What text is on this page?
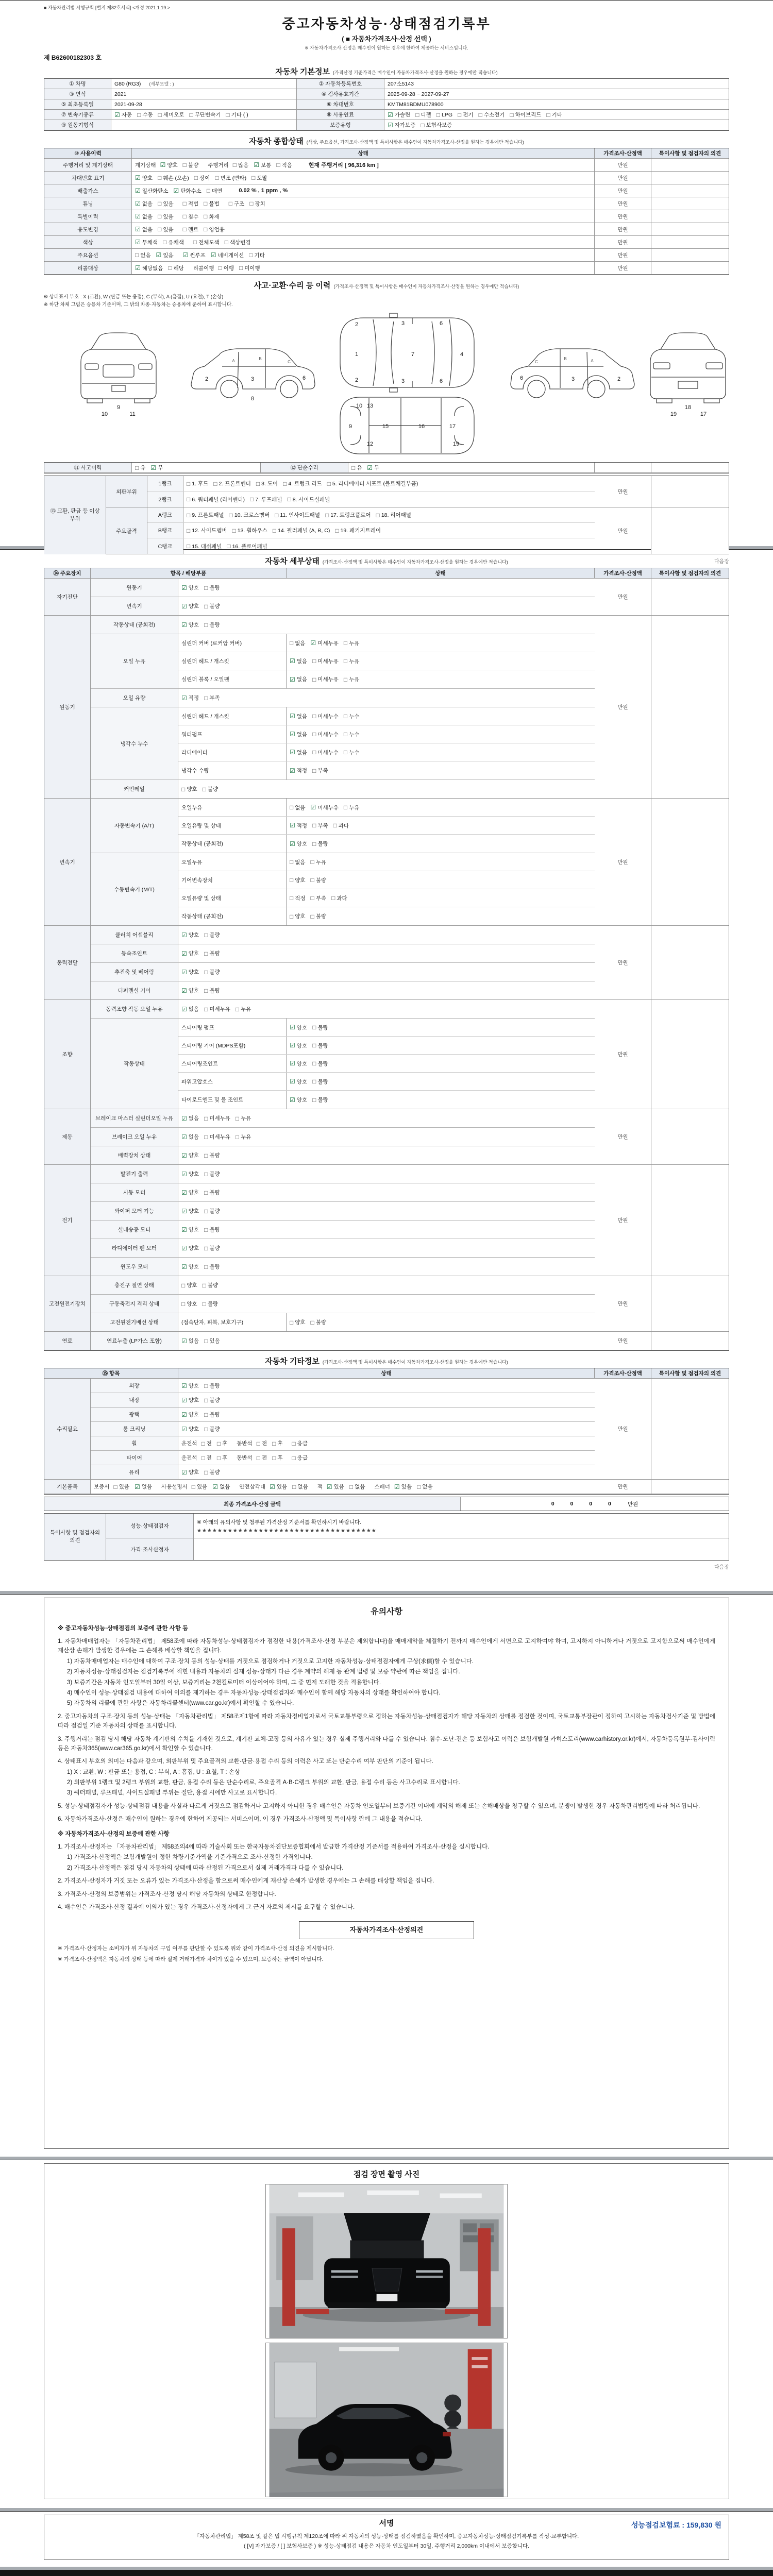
■ 자동차관리법 시행규칙 [별지 제82호서식] <개정 2021.1.19.>
중고자동차성능·상태점검기록부
( ■ 자동차가격조사·산정 선택 )
※ 자동차가격조사·산정은 매수인이 원하는 경우에 한하여 제공하는 서비스입니다.
제 B62600182303 호
자동차 기본정보 (가격산정 기준가격은 매수인이 자동차가격조사·산정을 원하는 경우에만 적습니다)
① 차명	G80 (RG3) (세부모델 : )	② 자동차등록번호	207소5143
③ 연식	2021	④ 검사유효기간	2025-09-28 ~ 2027-09-27
⑤ 최초등록일	2021-09-28	⑥ 차대번호	KMTM81BDMU078900
⑦ 변속기종류 ☑	자동 □ 수동 □ 세미오토 □ 무단변속기 □ 기타 ( )	⑧ 사용연료 ☑	가솔린 □ 디젤 □ LPG □ 전기 □ 수소전기 □ 하이브리드 □ 기타
⑨ 원동기형식	보증유형 ☑	자가보증 □ 보험사보증
자동차 종합상태 (색상, 주요옵션, 가격조사·산정액 및 특이사항은 매수인이 자동차가격조사·산정을 원하는 경우에만 적습니다)
⑩ 사용이력	상태	가격조사·산정액	특이사항 및 점검자의 의견
주행거리 및 계기상태	계기상태 ☑ 양호 □ 불량 주행거리 □ 많음 ☑ 보통 □ 적음	현재 주행거리 [ 96,316 km ]	만원
차대번호 표기 ☑	양호 □ 훼손 (오손) □ 상이 □ 변조 (변타) □ 도말	만원
배출가스 ☑	일산화탄소 ☑ 탄화수소 □ 매연	0.02 % , 1 ppm , %	만원
튜닝 ☑	없음 □ 있음 □	적법 □ 불법 □	구조 □ 장치	만원
특별이력 ☑	없음 □ 있음 □	침수 □ 화재	만원
용도변경 ☑	없음 □ 있음 □	렌트 □ 영업용	만원
색상 ☑	무채색 □ 유채색 □	전체도색 □ 색상변경	만원
주요옵션 □	없음 ☑ 있음 ☑	썬루프 ☑ 네비게이션 □ 기타	만원
리콜대상 ☑	해당없음 □ 해당 리콜이행 □ 이행 □ 미이행	만원
사고·교환·수리 등 이력 (가격조사·산정액 및 특이사항은 매수인이 자동차가격조사·산정을 원하는 경우에만 적습니다)
※ 상태표시 부호 : X (교환), W (판금 또는 용접), C (부식), A (흠집), U (요철), T (손상)
※ 하단 차체 그림은 승용차 기준이며, 그 밖의 차종·자동차는 승용차에 준하여 표시합니다.
9
10	11
2	3	6
8
1	7	4
2
2
3
3
6
6	2
3
6
18
19	17
9
13
12
15	16	17
10
19
A	B
C	A
B
C
⑪ 사고이력 □	유 ☑ 무	⑫ 단순수리 □	유 ☑ 무
⑬ 교환, 판금 등 이상 부위
외판부위
1랭크 □	1. 후드 □ 2. 프론트펜더 □ 3. 도어 □ 4. 트렁크 리드 □ 5. 라디에이터 서포트 (볼트체결부품)
2랭크 □	6. 쿼터패널 (리어펜더) □ 7. 루프패널 □ 8. 사이드실패널
만원
주요골격
A랭크 □	9. 프론트패널 □ 10. 크로스멤버 □ 11. 인사이드패널 □ 17. 트렁크플로어 □ 18. 리어패널
B랭크 □	12. 사이드멤버 □ 13. 휠하우스 □ 14. 필러패널 (A, B, C) □ 19. 패키지트레이
C랭크 □	15. 대쉬패널 □ 16. 플로어패널
만원
다음장
자동차 세부상태 (가격조사·산정액 및 특이사항은 매수인이 자동차가격조사·산정을 원하는 경우에만 적습니다)
⑭ 주요장치	항목 / 해당부품	상태	가격조사·산정액	특이사항 및 점검자의 의견
자기진단
원동기 ☑	양호 □ 불량
변속기 ☑	양호 □ 불량
만원
원동기
작동상태 (공회전) ☑	양호 □ 불량
오일 누유
실린더 커버 (로커암 커버) □	없음 ☑ 미세누유 □ 누유
실린더 헤드 / 개스킷 ☑	없음 □ 미세누유 □ 누유
실린더 블록 / 오일팬 ☑	없음 □ 미세누유 □ 누유
오일 유량 ☑	적정 □ 부족
냉각수 누수
실린더 헤드 / 개스킷 ☑	없음 □ 미세누수 □ 누수
워터펌프 ☑	없음 □ 미세누수 □ 누수
라디에이터 ☑	없음 □ 미세누수 □ 누수
냉각수 수량 ☑	적정 □ 부족
커먼레일 □	양호 □ 불량
만원
변속기
자동변속기 (A/T)
오일누유 □	없음 ☑ 미세누유 □ 누유
오일유량 및 상태 ☑	적정 □ 부족 □ 과다
작동상태 (공회전) ☑	양호 □ 불량
수동변속기 (M/T)
오일누유 □	없음 □ 누유
기어변속장치 □	양호 □ 불량
오일유량 및 상태 □	적정 □ 부족 □ 과다
작동상태 (공회전) □	양호 □ 불량
만원
동력전달
클러치 어셈블리 ☑	양호 □ 불량
등속조인트 ☑	양호 □ 불량
추진축 및 베어링 ☑	양호 □ 불량
디퍼렌셜 기어 ☑	양호 □ 불량
만원
조향
동력조향 작동 오일 누유 ☑	없음 □ 미세누유 □ 누유
작동상태
스티어링 펌프 ☑	양호 □ 불량
스티어링 기어 (MDPS포함) ☑	양호 □ 불량
스티어링조인트 ☑	양호 □ 불량
파워고압호스 ☑	양호 □ 불량
타이로드엔드 및 볼 조인트 ☑	양호 □ 불량
만원
제동
브레이크 마스터 실린더오일 누유 ☑	없음 □ 미세누유 □ 누유
브레이크 오일 누유 ☑	없음 □ 미세누유 □ 누유
배력장치 상태 ☑	양호 □ 불량
만원
전기
발전기 출력 ☑	양호 □ 불량
시동 모터 ☑	양호 □ 불량
와이퍼 모터 기능 ☑	양호 □ 불량
실내송풍 모터 ☑	양호 □ 불량
라디에이터 팬 모터 ☑	양호 □ 불량
윈도우 모터 ☑	양호 □ 불량
만원
고전원전기장치
충전구 절연 상태 □	양호 □ 불량
구동축전지 격리 상태 □	양호 □ 불량
고전원전기배선 상태	(접속단자, 피복, 보호기구) □	양호 □ 불량
만원
연료	연료누출 (LP가스 포함) ☑	없음 □ 있음	만원
자동차 기타정보 (가격조사·산정액 및 특이사항은 매수인이 자동차가격조사·산정을 원하는 경우에만 적습니다)
⑮ 항목	상태	가격조사·산정액	특이사항 및 점검자의 의견
수리필요
외장 ☑	양호 □ 불량
내장 ☑	양호 □ 불량
광택 ☑	양호 □ 불량
룸 크리닝 ☑	양호 □ 불량
휠	운전석 □ 전 □ 후 동반석 □ 전 □ 후 □	응급
타이어	운전석 □ 전 □ 후 동반석 □ 전 □ 후 □	응급
유리 ☑	양호 □ 불량
만원
기본품목	보증서 □ 있음 ☑ 없음 사용설명서 □ 있음 ☑ 없음 안전삼각대 ☑ 있음 □ 없음 잭 ☑ 있음 □ 없음 스패너 ☑ 있음 □ 없음	만원
최종 가격조사·산정 금액	0 0 0 0 만원
특이사항 및 점검자의 의견
성능·상태점검자
※ 아래의 유의사항 및 첨부된 가격산정 기준서를 확인하시기 바랍니다.
★★★★★★★★★★★★★★★★★★★★★★★★★★★★★★★★★★★
가격·조사산정자
다음장
유의사항
※ 중고자동차성능·상태점검의 보증에 관한 사항 등
1. 자동차매매업자는 「자동차관리법」 제58조에 따라 자동차성능·상태점검자가 점검한 내용(가격조사·산정 부분은 제외합니다)을 매매계약을 체결하기 전까지 매수인에게 서면으로 고지하여야 하며, 고지하지 아니하거나 거짓으로 고지함으로써 매수인에게 재산상 손해가 발생한 경우에는 그 손해를 배상할 책임을 집니다.
1) 자동차매매업자는 매수인에 대하여 구조·장치 등의 성능·상태를 거짓으로 점검하거나 거짓으로 고지한 자동차성능·상태점검자에게 구상(求償)할 수 있습니다.
2) 자동차성능·상태점검자는 점검기록부에 적힌 내용과 자동차의 실제 성능·상태가 다른 경우 계약의 해제 등 관계 법령 및 보증 약관에 따른 책임을 집니다.
3) 보증기간은 자동차 인도일부터 30일 이상, 보증거리는 2천킬로미터 이상이어야 하며, 그 중 먼저 도래한 것을 적용합니다.
4) 매수인이 성능·상태점검 내용에 대하여 이의를 제기하는 경우 자동차성능·상태점검자와 매수인이 함께 해당 자동차의 상태를 확인하여야 합니다.
5) 자동차의 리콜에 관한 사항은 자동차리콜센터(www.car.go.kr)에서 확인할 수 있습니다.
2. 중고자동차의 구조·장치 등의 성능·상태는 「자동차관리법」 제58조제1항에 따라 자동차정비업자로서 국토교통부령으로 정하는 자동차성능·상태점검자가 해당 자동차의 상태를 점검한 것이며, 국토교통부장관이 정하여 고시하는 자동차검사기준 및 방법에 따라 점검일 기준 자동차의 상태를 표시합니다.
3. 주행거리는 점검 당시 해당 자동차 계기판의 수치를 기재한 것으로, 계기판 교체·고장 등의 사유가 있는 경우 실제 주행거리와 다를 수 있습니다. 침수·도난·전손 등 보험사고 이력은 보험개발원 카히스토리(www.carhistory.or.kr)에서, 자동차등록원부·검사이력 등은 자동차365(www.car365.go.kr)에서 확인할 수 있습니다.
4. 상태표시 부호의 의미는 다음과 같으며, 외판부위 및 주요골격의 교환·판금·용접 수리 등의 이력은 사고 또는 단순수리 여부 판단의 기준이 됩니다.
1) X : 교환, W : 판금 또는 용접, C : 부식, A : 흠집, U : 요철, T : 손상
2) 외판부위 1랭크 및 2랭크 부위의 교환, 판금, 용접 수리 등은 단순수리로, 주요골격 A·B·C랭크 부위의 교환, 판금, 용접 수리 등은 사고수리로 표시합니다.
3) 쿼터패널, 루프패널, 사이드실패널 부위는 절단, 용접 시에만 사고로 표시합니다.
5. 성능·상태점검자가 성능·상태점검 내용을 사실과 다르게 거짓으로 점검하거나 고지하지 아니한 경우 매수인은 자동차 인도일부터 보증기간 이내에 계약의 해제 또는 손해배상을 청구할 수 있으며, 분쟁이 발생한 경우 자동차관리법령에 따라 처리됩니다.
6. 자동차가격조사·산정은 매수인이 원하는 경우에 한하여 제공되는 서비스이며, 이 경우 가격조사·산정액 및 특이사항 란에 그 내용을 적습니다.
※ 자동차가격조사·산정의 보증에 관한 사항
1. 가격조사·산정자는 「자동차관리법」 제58조의4에 따라 기술사회 또는 한국자동차진단보증협회에서 발급한 가격산정 기준서를 적용하여 가격조사·산정을 실시합니다.
1) 가격조사·산정액은 보험개발원이 정한 차량기준가액을 기준가격으로 조사·산정한 가격입니다.
2) 가격조사·산정액은 점검 당시 자동차의 상태에 따라 산정된 가격으로서 실제 거래가격과 다를 수 있습니다.
2. 가격조사·산정자가 거짓 또는 오류가 있는 가격조사·산정을 함으로써 매수인에게 재산상 손해가 발생한 경우에는 그 손해를 배상할 책임을 집니다.
3. 가격조사·산정의 보증범위는 가격조사·산정 당시 해당 자동차의 상태로 한정합니다.
4. 매수인은 가격조사·산정 결과에 이의가 있는 경우 가격조사·산정자에게 그 근거 자료의 제시를 요구할 수 있습니다.
자동차가격조사·산정의견
※ 가격조사·산정자는 소비자가 위 자동차의 구입 여부를 판단할 수 있도록 위와 같이 가격조사·산정 의견을 제시합니다.
※ 가격조사·산정액은 자동차의 상태 등에 따라 실제 거래가격과 차이가 있을 수 있으며, 보증하는 금액이 아닙니다.
점검 장면 촬영 사진
서명	성능점검보험료 : 159,830 원
「자동차관리법」 제58조 및 같은 법 시행규칙 제120조에 따라 위 자동차의 성능·상태를 점검하였음을 확인하며, 중고자동차성능·상태점검기록부를 작성·교부합니다.
( [V] 자가보증 / [ ] 보험사보증 ) ※ 성능·상태점검 내용은 자동차 인도일부터 30일, 주행거리 2,000km 이내에서 보증합니다.
